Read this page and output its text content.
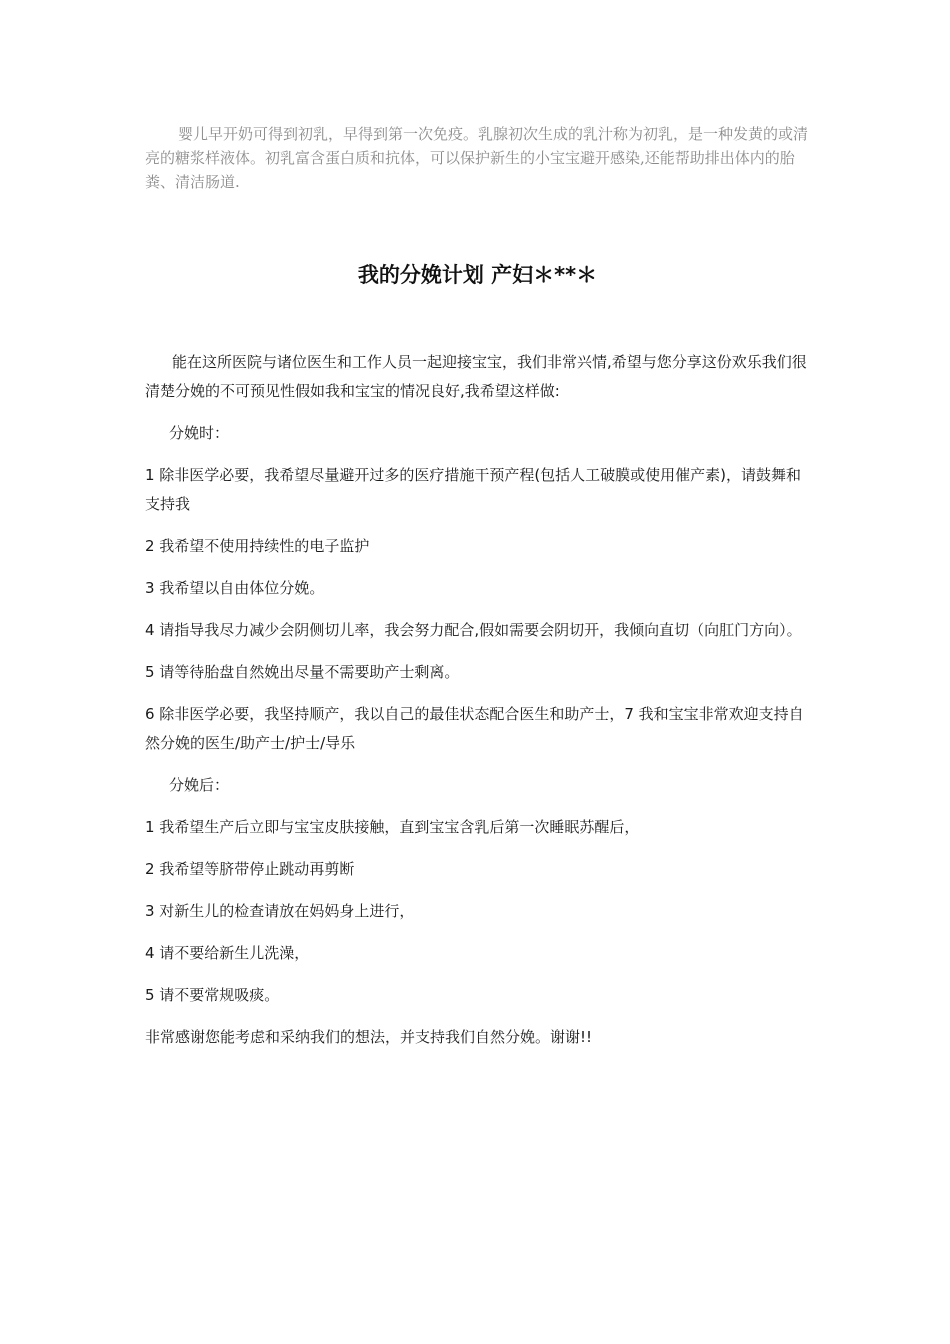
婴儿早开奶可得到初乳，早得到第一次免疫。乳腺初次生成的乳汁称为初乳，是一种发黄的或清亮的糖浆样液体。初乳富含蛋白质和抗体，可以保护新生的小宝宝避开感染,还能帮助排出体内的胎粪、清洁肠道.

我的分娩计划 产妇＊**＊

能在这所医院与诸位医生和工作人员一起迎接宝宝，我们非常兴情,希望与您分享这份欢乐我们很清楚分娩的不可预见性假如我和宝宝的情况良好,我希望这样做:

分娩时：

1 除非医学必要，我希望尽量避开过多的医疗措施干预产程(包括人工破膜或使用催产素)，请鼓舞和支持我

2 我希望不使用持续性的电子监护

3 我希望以自由体位分娩。

4 请指导我尽力减少会阴侧切儿率，我会努力配合,假如需要会阴切开，我倾向直切（向肛门方向）。

5 请等待胎盘自然娩出尽量不需要助产士剩离。

6 除非医学必要，我坚持顺产，我以自己的最佳状态配合医生和助产士，7 我和宝宝非常欢迎支持自然分娩的医生/助产士/护士/导乐

分娩后：

1 我希望生产后立即与宝宝皮肤接触，直到宝宝含乳后第一次睡眠苏醒后，

2 我希望等脐带停止跳动再剪断

3 对新生儿的检查请放在妈妈身上进行，

4 请不要给新生儿洗澡，

5 请不要常规吸痰。

非常感谢您能考虑和采纳我们的想法，并支持我们自然分娩。谢谢!!
